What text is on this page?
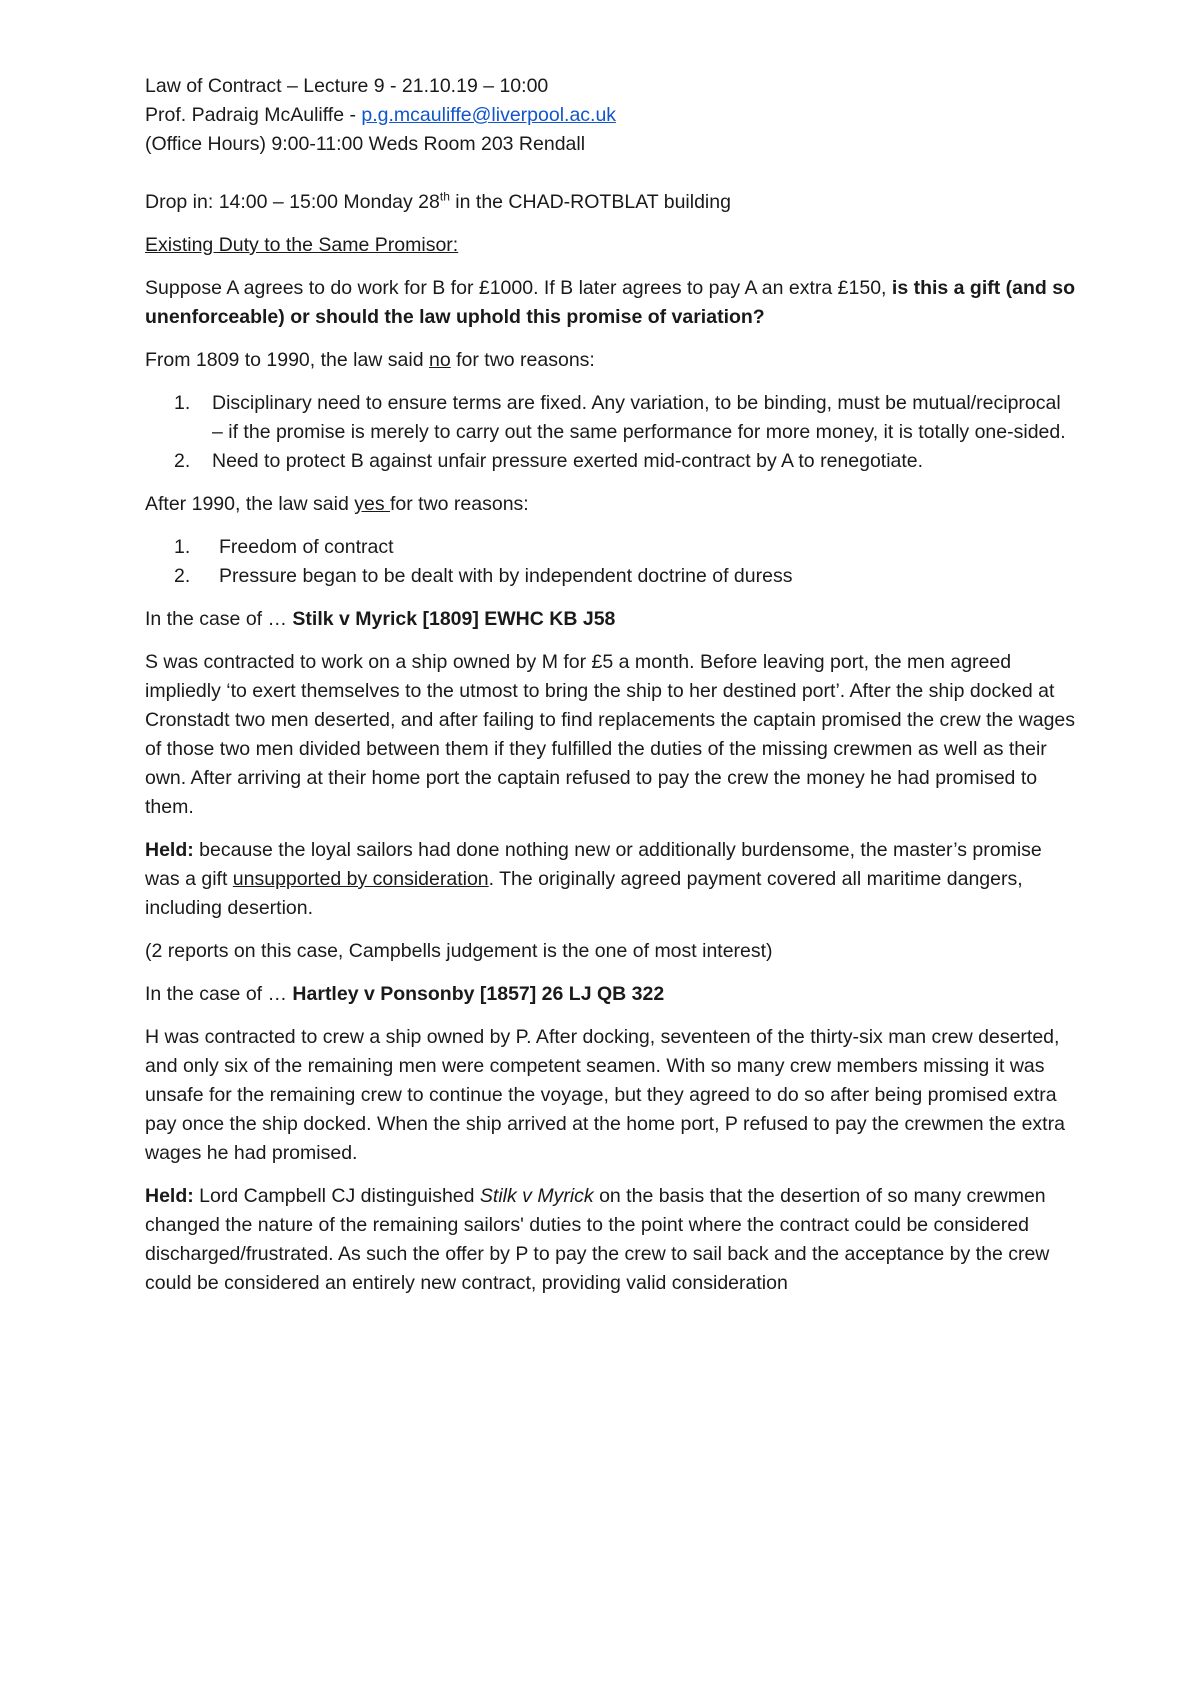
Law of Contract – Lecture 9 - 21.10.19 – 10:00

Prof. Padraig McAuliffe - p.g.mcauliffe@liverpool.ac.uk

(Office Hours) 9:00-11:00 Weds Room 203 Rendall

Drop in: 14:00 – 15:00 Monday 28th in the CHAD-ROTBLAT building

Existing Duty to the Same Promisor:

Suppose A agrees to do work for B for £1000. If B later agrees to pay A an extra £150, is this a gift (and so unenforceable) or should the law uphold this promise of variation?

From 1809 to 1990, the law said no for two reasons:

1. Disciplinary need to ensure terms are fixed. Any variation, to be binding, must be mutual/reciprocal – if the promise is merely to carry out the same performance for more money, it is totally one-sided.
2. Need to protect B against unfair pressure exerted mid-contract by A to renegotiate.

After 1990, the law said yes for two reasons:

1. Freedom of contract
2. Pressure began to be dealt with by independent doctrine of duress

In the case of … Stilk v Myrick [1809] EWHC KB J58

S was contracted to work on a ship owned by M for £5 a month. Before leaving port, the men agreed impliedly ‘to exert themselves to the utmost to bring the ship to her destined port’. After the ship docked at Cronstadt two men deserted, and after failing to find replacements the captain promised the crew the wages of those two men divided between them if they fulfilled the duties of the missing crewmen as well as their own. After arriving at their home port the captain refused to pay the crew the money he had promised to them.

Held: because the loyal sailors had done nothing new or additionally burdensome, the master’s promise was a gift unsupported by consideration. The originally agreed payment covered all maritime dangers, including desertion.

(2 reports on this case, Campbells judgement is the one of most interest)

In the case of … Hartley v Ponsonby [1857] 26 LJ QB 322

H was contracted to crew a ship owned by P. After docking, seventeen of the thirty-six man crew deserted, and only six of the remaining men were competent seamen. With so many crew members missing it was unsafe for the remaining crew to continue the voyage, but they agreed to do so after being promised extra pay once the ship docked. When the ship arrived at the home port, P refused to pay the crewmen the extra wages he had promised.

Held: Lord Campbell CJ distinguished Stilk v Myrick on the basis that the desertion of so many crewmen changed the nature of the remaining sailors' duties to the point where the contract could be considered discharged/frustrated. As such the offer by P to pay the crew to sail back and the acceptance by the crew could be considered an entirely new contract, providing valid consideration
